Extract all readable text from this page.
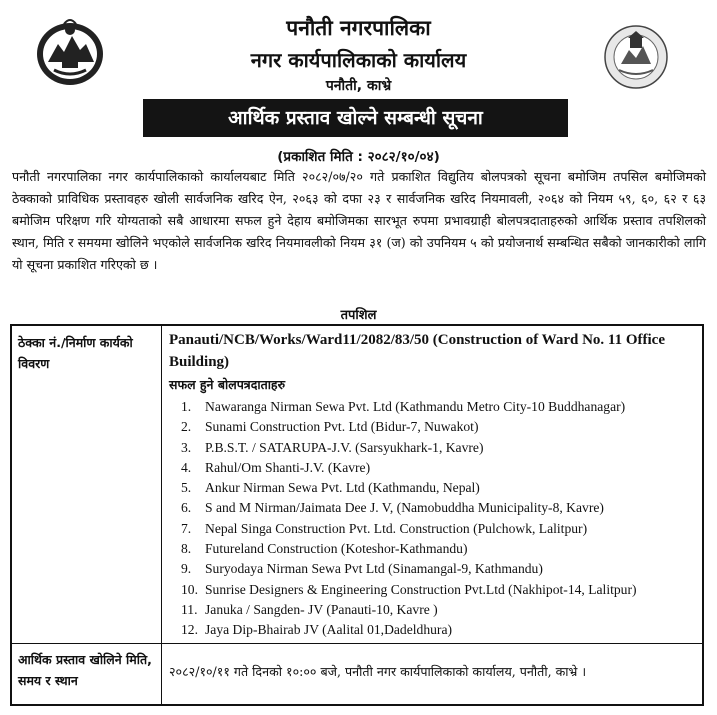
पनौती नगरपालिका
नगर कार्यपालिकाको कार्यालय
पनौती, काभ्रे
आर्थिक प्रस्ताव खोल्ने सम्बन्धी सूचना
(प्रकाशित मिति : २०८२/१०/०४)
पनौती नगरपालिका नगर कार्यपालिकाको कार्यालयबाट मिति २०८२/०७/२० गते प्रकाशित विद्युतिय बोलपत्रको सूचना बमोजिम तपसिल बमोजिमको ठेक्काको प्राविधिक प्रस्तावहरु खोली सार्वजनिक खरिद ऐन, २०६३ को दफा २३ र सार्वजनिक खरिद नियमावली, २०६४ को नियम ५९, ६०, ६२ र ६३ बमोजिम परिक्षण गरि योग्यताको सबै आधारमा सफल हुने देहाय बमोजिमका सारभूत रुपमा प्रभावग्राही बोलपत्रदाताहरुको आर्थिक प्रस्ताव तपशिलको स्थान, मिति र समयमा खोलिने भएकोले सार्वजनिक खरिद नियमावलीको नियम ३१ (ज) को उपनियम ५ को प्रयोजनार्थ सम्बन्धित सबैको जानकारीको लागि यो सूचना प्रकाशित गरिएको छ ।
तपशिल
ठेक्का नं./निर्माण कार्यको विवरण
Panauti/NCB/Works/Ward11/2082/83/50 (Construction of Ward No. 11 Office Building)
सफल हुने बोलपत्रदाताहरु
1. Nawaranga Nirman Sewa Pvt. Ltd (Kathmandu Metro City-10 Buddhanagar)
2. Sunami Construction Pvt. Ltd (Bidur-7, Nuwakot)
3. P.B.S.T. / SATARUPA-J.V. (Sarsyukhark-1, Kavre)
4. Rahul/Om Shanti-J.V. (Kavre)
5. Ankur Nirman Sewa Pvt. Ltd (Kathmandu, Nepal)
6. S and M Nirman/Jaimata Dee J. V, (Namobuddha Municipality-8, Kavre)
7. Nepal Singa Construction Pvt. Ltd. Construction (Pulchowk, Lalitpur)
8. Futureland Construction (Koteshor-Kathmandu)
9. Suryodaya Nirman Sewa Pvt Ltd (Sinamangal-9, Kathmandu)
10. Sunrise Designers & Engineering Construction Pvt.Ltd (Nakhipot-14, Lalitpur)
11. Januka / Sangden- JV (Panauti-10, Kavre )
12. Jaya Dip-Bhairab JV (Aalital 01,Dadeldhura)
आर्थिक प्रस्ताव खोलिने मिति, समय र स्थान
२०८२/१०/११ गते दिनको १०:०० बजे, पनौती नगर कार्यपालिकाको कार्यालय, पनौती, काभ्रे ।
